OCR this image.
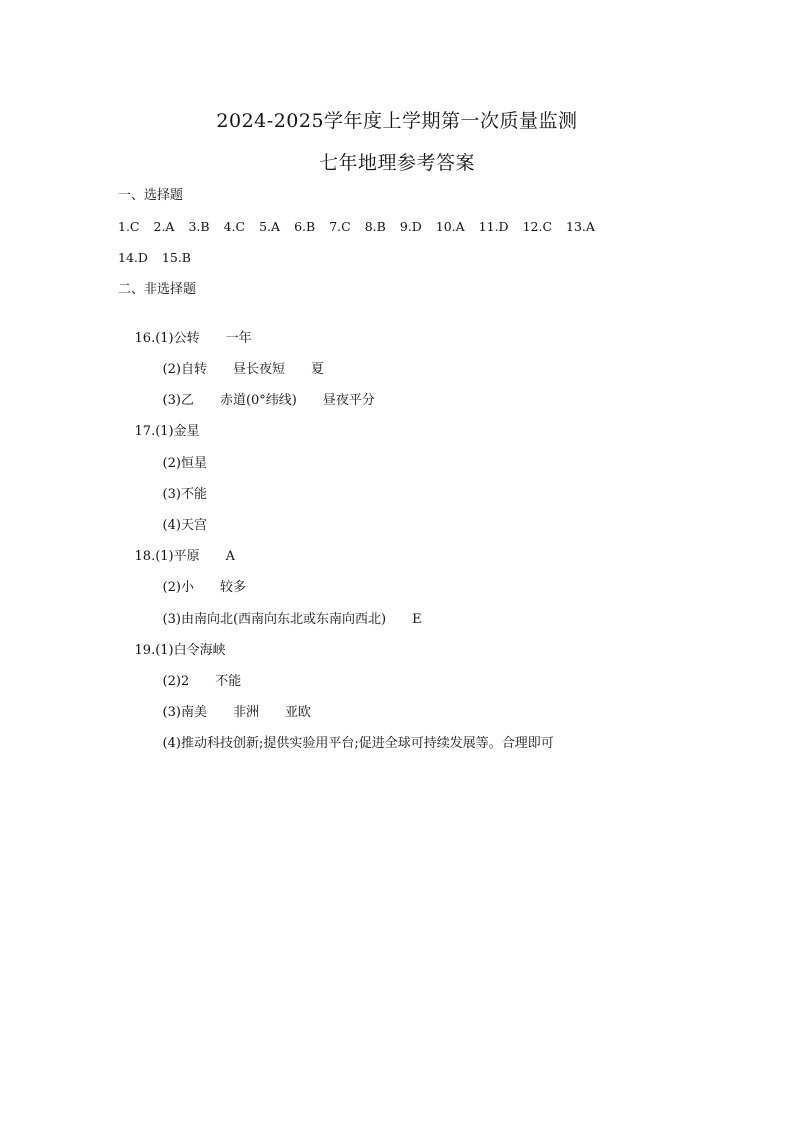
2024-2025学年度上学期第一次质量监测
七年地理参考答案
一、选择题
1.C 2.A 3.B 4.C 5.A 6.B 7.C 8.B 9.D 10.A 11.D 12.C 13.A
14.D 15.B
二、非选择题

16.(1)公转 一年

(2)自转 昼长夜短 夏

(3)乙 赤道(0°纬线) 昼夜平分

17.(1)金星

(2)恒星

(3)不能

(4)天宫

18.(1)平原 A

(2)小 较多

(3)由南向北(西南向东北或东南向西北) E

19.(1)白令海峡

(2)2 不能

(3)南美 非洲 亚欧

(4)推动科技创新;提供实验用平台;促进全球可持续发展等。合理即可
